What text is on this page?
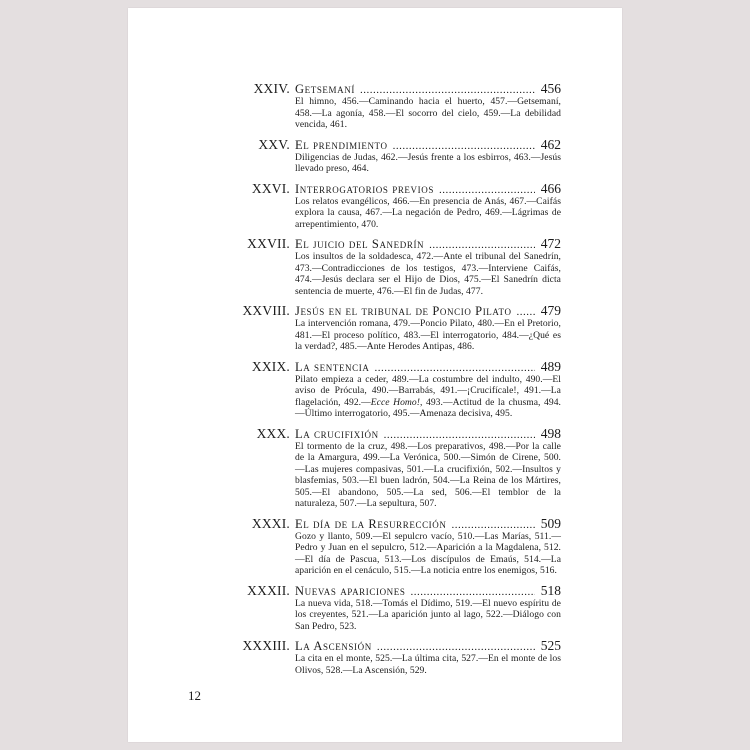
XXIV. Getsemaní .....	456
El himno, 456.—Caminando hacia el huerto, 457.—Getsemaní, 458.—La agonía, 458.—El socorro del cielo, 459.—La debilidad vencida, 461.
XXV. El prendimiento .....	462
Diligencias de Judas, 462.—Jesús frente a los esbirros, 463.—Jesús llevado preso, 464.
XXVI. Interrogatorios previos .....	466
Los relatos evangélicos, 466.—En presencia de Anás, 467.—Caifás explora la causa, 467.—La negación de Pedro, 469.—Lágrimas de arrepentimiento, 470.
XXVII. El juicio del Sanedrín .....	472
Los insultos de la soldadesca, 472.—Ante el tribunal del Sanedrín, 473.—Contradicciones de los testigos, 473.—Interviene Caifás, 474.—Jesús declara ser el Hijo de Dios, 475.—El Sanedrín dicta sentencia de muerte, 476.—El fin de Judas, 477.
XXVIII. Jesús en el tribunal de Poncio Pilato .....	479
La intervención romana, 479.—Poncio Pilato, 480.—En el Pretorio, 481.—El proceso político, 483.—El interrogatorio, 484.—¿Qué es la verdad?, 485.—Ante Herodes Antipas, 486.
XXIX. La sentencia .....	489
Pilato empieza a ceder, 489.—La costumbre del indulto, 490.—El aviso de Prócula, 490.—Barrabás, 491.—¡Crucifícale!, 491.—La flagelación, 492.—Ecce Homo!, 493.—Actitud de la chusma, 494.—Último interrogatorio, 495.—Amenaza decisiva, 495.
XXX. La crucifixión .....	498
El tormento de la cruz, 498.—Los preparativos, 498.—Por la calle de la Amargura, 499.—La Verónica, 500.—Simón de Cirene, 500.—Las mujeres compasivas, 501.—La crucifixión, 502.—Insultos y blasfemias, 503.—El buen ladrón, 504.—La Reina de los Mártires, 505.—El abandono, 505.—La sed, 506.—El temblor de la naturaleza, 507.—La sepultura, 507.
XXXI. El día de la Resurrección .....	509
Gozo y llanto, 509.—El sepulcro vacío, 510.—Las Marías, 511.—Pedro y Juan en el sepulcro, 512.—Aparición a la Magdalena, 512.—El día de Pascua, 513.—Los discípulos de Emaús, 514.—La aparición en el cenáculo, 515.—La noticia entre los enemigos, 516.
XXXII. Nuevas apariciones .....	518
La nueva vida, 518.—Tomás el Dídimo, 519.—El nuevo espíritu de los creyentes, 521.—La aparición junto al lago, 522.—Diálogo con San Pedro, 523.
XXXIII. La Ascensión .....	525
La cita en el monte, 525.—La última cita, 527.—En el monte de los Olivos, 528.—La Ascensión, 529.
12
